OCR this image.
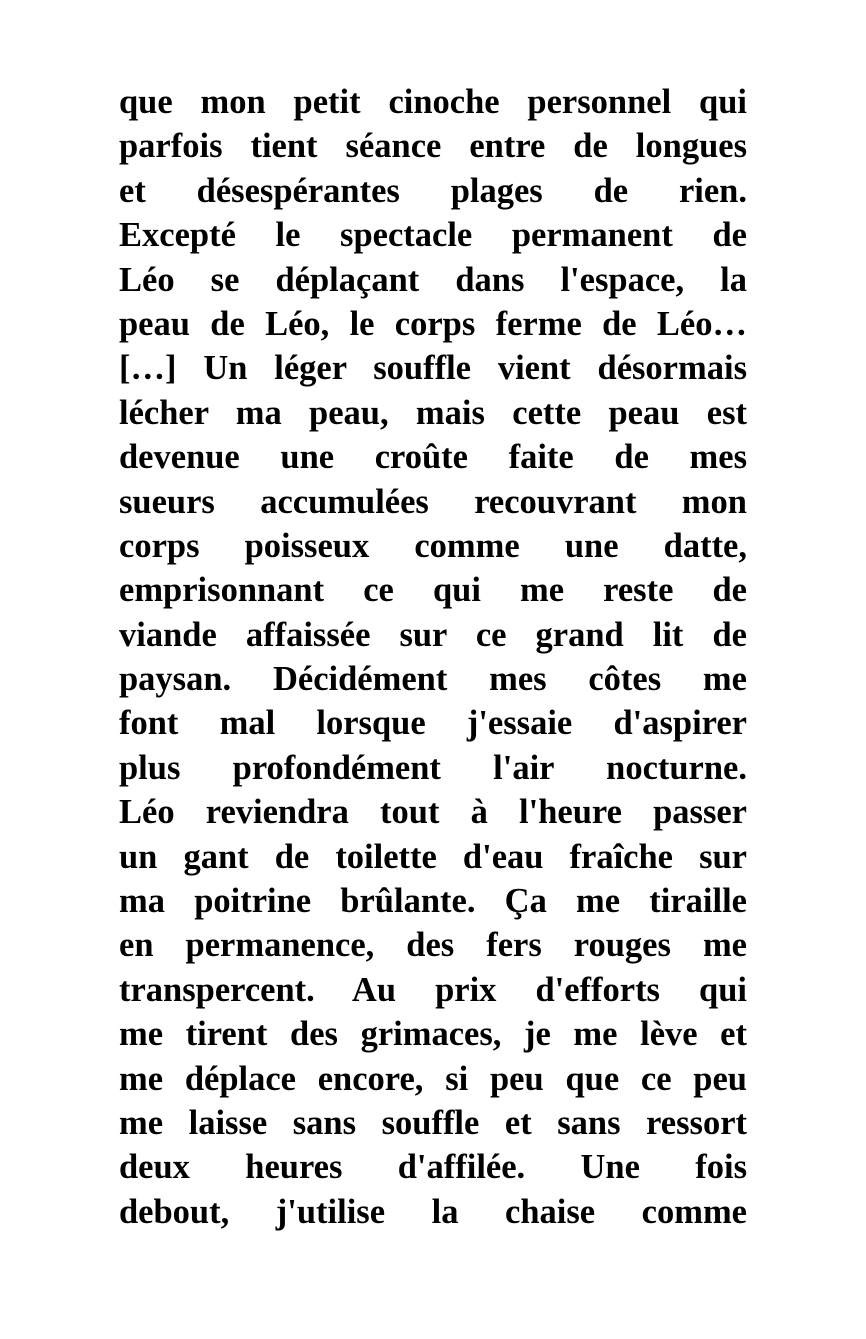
que mon petit cinoche personnel qui
parfois tient séance entre de longues
et désespérantes plages de rien.
Excepté le spectacle permanent de
Léo se déplaçant dans l'espace, la
peau de Léo, le corps ferme de Léo…
[…] Un léger souffle vient désormais
lécher ma peau, mais cette peau est
devenue une croûte faite de mes
sueurs accumulées recouvrant mon
corps poisseux comme une datte,
emprisonnant ce qui me reste de
viande affaissée sur ce grand lit de
paysan. Décidément mes côtes me
font mal lorsque j'essaie d'aspirer
plus profondément l'air nocturne.
Léo reviendra tout à l'heure passer
un gant de toilette d'eau fraîche sur
ma poitrine brûlante. Ça me tiraille
en permanence, des fers rouges me
transpercent. Au prix d'efforts qui
me tirent des grimaces, je me lève et
me déplace encore, si peu que ce peu
me laisse sans souffle et sans ressort
deux heures d'affilée. Une fois
debout, j'utilise la chaise comme
